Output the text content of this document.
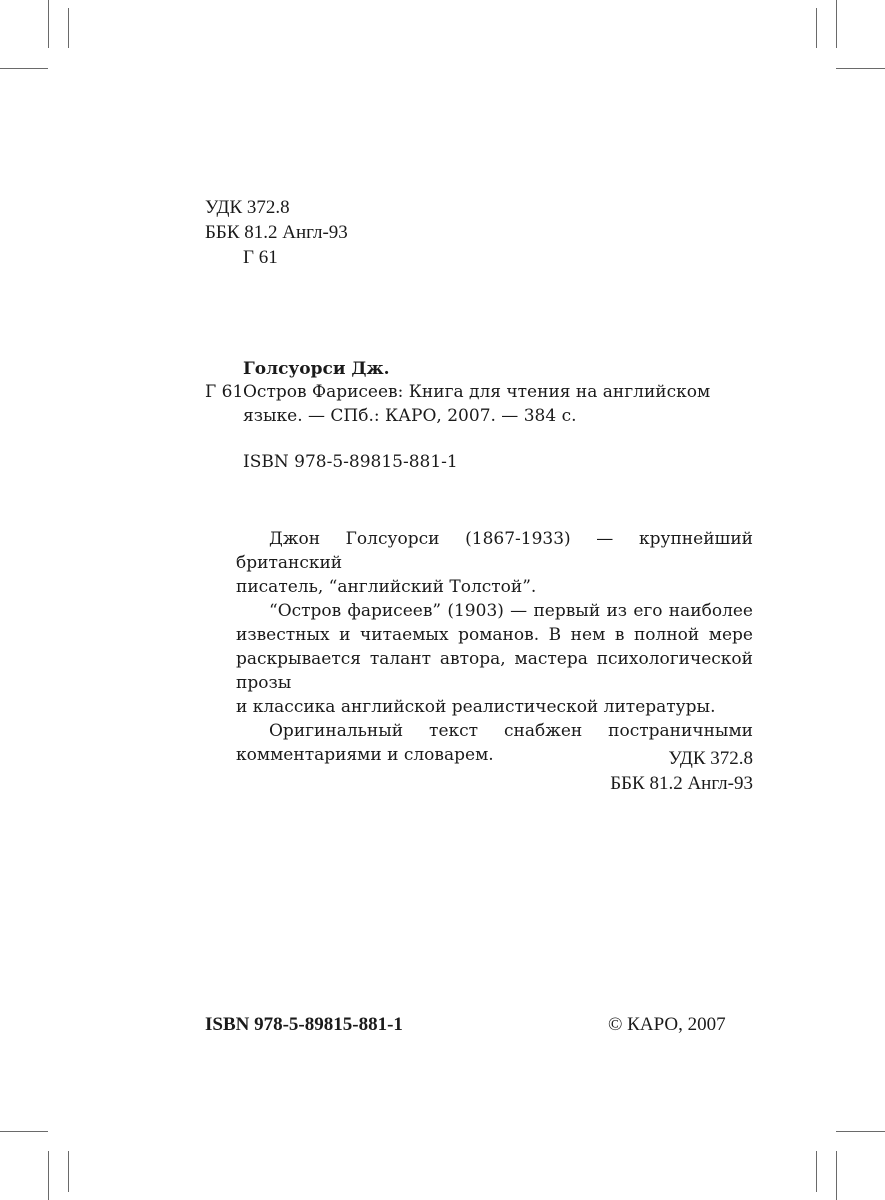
УДК 372.8
ББК 81.2 Англ-93
Г 61
Голсуорси Дж.
Г 61 Остров Фарисеев: Книга для чтения на английском
языке. — СПб.: КАРО, 2007. — 384 с.
ISBN 978-5-89815-881-1

Джон Голсуорси (1867-1933) — крупнейший британский
писатель, “английский Толстой”.

“Остров фарисеев” (1903) — первый из его наиболее
известных и читаемых романов. В нем в полной мере
раскрывается талант автора, мастера психологической прозы
и классика английской реалистической литературы.

Оригинальный текст снабжен постраничными
комментариями и словарем.	УДК 372.8
ББК 81.2 Англ-93
ISBN 978-5-89815-881-1	© КАРО, 2007
